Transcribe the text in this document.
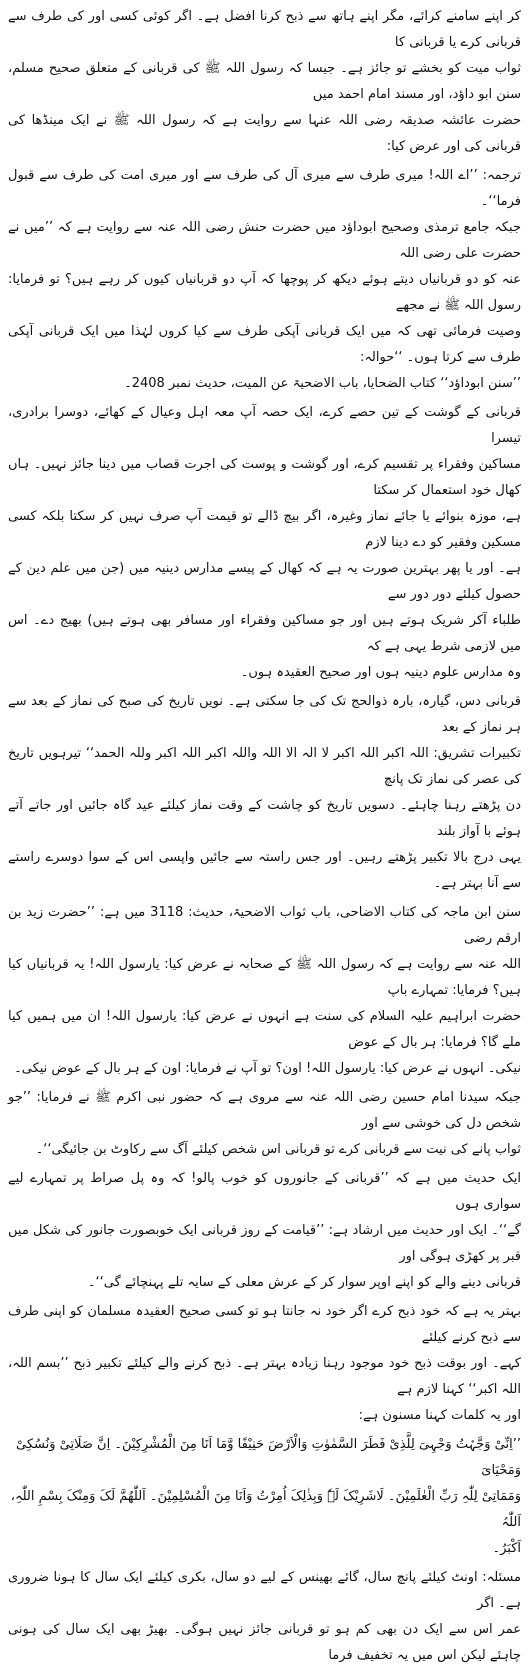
کر اپنے سامنے کرائے، مگر اپنے ہاتھ سے ذبح کرنا افضل ہے۔ اگر کوئی کسی اور کی طرف سے قربانی کرے یا قربانی کا
ثواب میت کو بخشے تو جائز ہے۔ جیسا کہ رسول اللہ ﷺ کی قربانی کے متعلق صحیح مسلم، سنن ابو داؤد، اور مسند امام احمد میں
حضرت عائشہ صدیقہ رضی اللہ عنہا سے روایت ہے کہ رسول اللہ ﷺ نے ایک مینڈھا کی قربانی کی اور عرض کیا:
ترجمہ: ’’اے اللہ! میری طرف سے میری آل کی طرف سے اور میری امت کی طرف سے قبول فرما‘‘۔
جبکہ جامع ترمذی وصحیح ابوداؤد میں حضرت حنش رضی اللہ عنہ سے روایت ہے کہ ’’میں نے حضرت علی رضی اللہ
عنہ کو دو قربانیاں دیتے ہوئے دیکھ کر پوچھا کہ آپ دو قربانیاں کیوں کر رہے ہیں؟ تو فرمایا: رسول اللہ ﷺ نے مجھے
وصیت فرمائی تھی کہ میں ایک قربانی آپکی طرف سے کیا کروں لہٰذا میں ایک قربانی آپکی طرف سے کرتا ہوں۔ ‘‘حوالہ:
’’سنن ابوداؤد‘‘ کتاب الضحایا، باب الاضحیۃ عن المیت، حدیث نمبر 2408۔
قربانی کے گوشت کے تین حصے کرے، ایک حصہ آپ معہ اہل وعیال کے کھائے، دوسرا برادری، تیسرا
مساکین وفقراء پر تقسیم کرے، اور گوشت و پوست کی اجرت قصاب میں دینا جائز نہیں۔ ہاں کھال خود استعمال کر سکتا
ہے، موزہ بنوائے یا جائے نماز وغیرہ، اگر بیچ ڈالے تو قیمت آپ صرف نہیں کر سکتا بلکہ کسی مسکین وفقیر کو دے دینا لازم
ہے۔ اور یا پھر بہترین صورت یہ ہے کہ کھال کے پیسے مدارس دینیہ میں (جن میں علم دین کے حصول کیلئے دور دور سے
طلباء آکر شریک ہوتے ہیں اور جو مساکین وفقراء اور مسافر بھی ہوتے ہیں) بھیج دے۔ اس میں لازمی شرط یہی ہے کہ
وہ مدارس علوم دینیہ ہوں اور صحیح العقیدہ ہوں۔
قربانی دس، گیارہ، بارہ ذوالحج تک کی جا سکتی ہے۔ نویں تاریخ کی صبح کی نماز کے بعد سے ہر نماز کے بعد
تکبیرات تشریق: اللہ اکبر اللہ اکبر لا الہ الا اللہ واللہ اکبر اللہ اکبر وللہ الحمد‘‘ تیرہویں تاریخ کی عصر کی نماز تک پانچ
دن پڑھتے رہنا چاہئے۔ دسویں تاریخ کو چاشت کے وقت نماز کیلئے عید گاہ جائیں اور جاتے آتے ہوئے با آواز بلند
یہی درج بالا تکبیر پڑھتے رہیں۔ اور جس راستہ سے جائیں واپسی اس کے سوا دوسرے راستے سے آنا بہتر ہے۔
سنن ابن ماجہ کی کتاب الاضاحی، باب ثواب الاضحیۃ، حدیث: 3118 میں ہے: ’’حضرت زید بن ارقم رضی
اللہ عنہ سے روایت ہے کہ رسول اللہ ﷺ کے صحابہ نے عرض کیا: یارسول اللہ! یہ قربانیاں کیا ہیں؟ فرمایا: تمہارے باپ
حضرت ابراہیم علیہ السلام کی سنت ہے انہوں نے عرض کیا: یارسول اللہ! ان میں ہمیں کیا ملے گا؟ فرمایا: ہر بال کے عوض
نیکی۔ انہوں نے عرض کیا: یارسول اللہ! اون؟ تو آپ نے فرمایا: اون کے ہر بال کے عوض نیکی۔
جبکہ سیدنا امام حسین رضی اللہ عنہ سے مروی ہے کہ حضور نبی اکرم ﷺ نے فرمایا: ’’جو شخص دل کی خوشی سے اور
ثواب پانے کی نیت سے قربانی کرے تو قربانی اس شخص کیلئے آگ سے رکاوٹ بن جائیگی‘‘۔
ایک حدیث میں ہے کہ ’’قربانی کے جانوروں کو خوب پالو! کہ وہ پل صراط پر تمہارے لیے سواری ہوں
گے‘‘۔ ایک اور حدیث میں ارشاد ہے: ’’قیامت کے روز قربانی ایک خوبصورت جانور کی شکل میں قبر پر کھڑی ہوگی اور
قربانی دینے والے کو اپنے اوپر سوار کر کے عرش معلی کے سایہ تلے پہنچائے گی‘‘۔
بہتر یہ ہے کہ خود ذبح کرے اگر خود نہ جانتا ہو تو کسی صحیح العقیدہ مسلمان کو اپنی طرف سے ذبح کرنے کیلئے
کہے۔ اور بوقت ذبح خود موجود رہنا زیادہ بہتر ہے۔ ذبح کرنے والے کیلئے تکبیر ذبح ’’بسم اللہ، اللہ اکبر‘‘ کہنا لازم ہے
اور یہ کلمات کہنا مسنون ہے:
’’اِنِّیْ وَجَّہْتُ وَجْہِیَ لِلَّذِیْ فَطَرَ السَّمٰوٰتِ وَالْاَرْضَ حَنِیْفًا وَّمَا اَنَا مِنَ الْمُشْرِکِیْنَ۔ اِنَّ صَلَاتِیْ وَنُسُکِیْ وَمَحْیَایَ
وَمَمَاتِیْ لِلّٰہِ رَبِّ الْعٰلَمِیْنَ۔ لَاشَرِیْکَ لَہٗ وَبِذٰلِکَ اُمِرْتُ وَاَنَا مِنَ الْمُسْلِمِیْنَ۔ اَللّٰھُمَّ لَکَ وَمِنْکَ بِسْمِ اللّٰہِ، اَللّٰہُ
اَکْبَرُ۔
مسئلہ: اونٹ کیلئے پانچ سال، گائے بھینس کے لیے دو سال، بکری کیلئے ایک سال کا ہونا ضروری ہے۔ اگر
عمر اس سے ایک دن بھی کم ہو تو قربانی جائز نہیں ہوگی۔ بھیڑ بھی ایک سال کی ہونی چاہئے لیکن اس میں یہ تخفیف فرما
